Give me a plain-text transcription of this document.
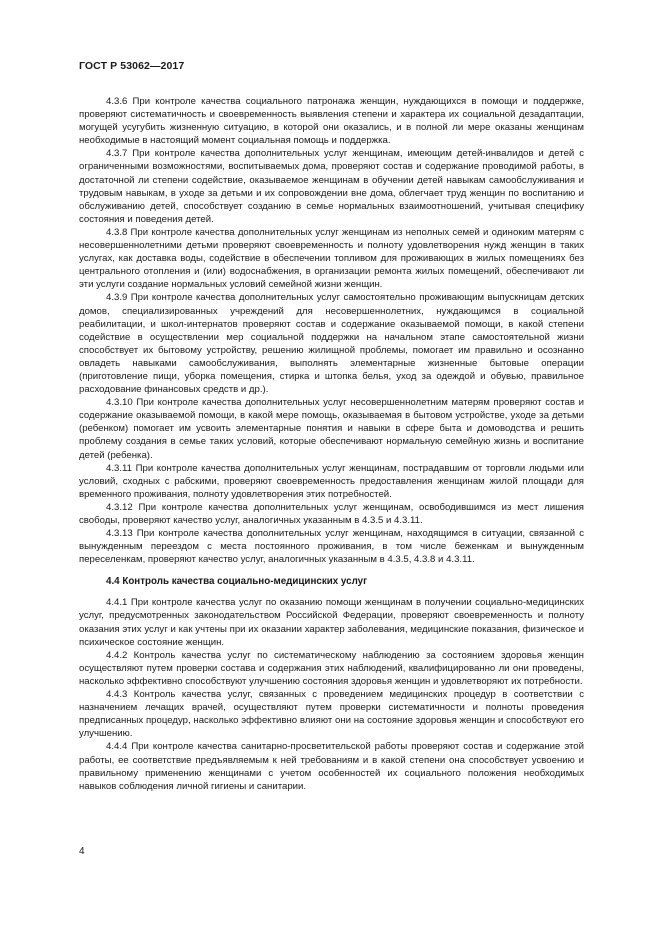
ГОСТ Р 53062—2017

4.3.6 При контроле качества социального патронажа женщин, нуждающихся в помощи и поддержке, проверяют систематичность и своевременность выявления степени и характера их социальной дезадаптации, могущей усугубить жизненную ситуацию, в которой они оказались, и в полной ли мере оказаны женщинам необходимые в настоящий момент социальная помощь и поддержка.

4.3.7 При контроле качества дополнительных услуг женщинам, имеющим детей-инвалидов и детей с ограниченными возможностями, воспитываемых дома, проверяют состав и содержание проводимой работы, в достаточной ли степени содействие, оказываемое женщинам в обучении детей навыкам самообслуживания и трудовым навыкам, в уходе за детьми и их сопровождении вне дома, облегчает труд женщин по воспитанию и обслуживанию детей, способствует созданию в семье нормальных взаимоотношений, учитывая специфику состояния и поведения детей.

4.3.8 При контроле качества дополнительных услуг женщинам из неполных семей и одиноким матерям с несовершеннолетними детьми проверяют своевременность и полноту удовлетворения нужд женщин в таких услугах, как доставка воды, содействие в обеспечении топливом для проживающих в жилых помещениях без центрального отопления и (или) водоснабжения, в организации ремонта жилых помещений, обеспечивают ли эти услуги создание нормальных условий семейной жизни женщин.

4.3.9 При контроле качества дополнительных услуг самостоятельно проживающим выпускницам детских домов, специализированных учреждений для несовершеннолетних, нуждающимся в социальной реабилитации, и школ-интернатов проверяют состав и содержание оказываемой помощи, в какой степени содействие в осуществлении мер социальной поддержки на начальном этапе самостоятельной жизни способствует их бытовому устройству, решению жилищной проблемы, помогает им правильно и осознанно овладеть навыками самообслуживания, выполнять элементарные жизненные бытовые операции (приготовление пищи, уборка помещения, стирка и штопка белья, уход за одеждой и обувью, правильное расходование финансовых средств и др.).

4.3.10 При контроле качества дополнительных услуг несовершеннолетним матерям проверяют состав и содержание оказываемой помощи, в какой мере помощь, оказываемая в бытовом устройстве, уходе за детьми (ребенком) помогает им усвоить элементарные понятия и навыки в сфере быта и домоводства и решить проблему создания в семье таких условий, которые обеспечивают нормальную семейную жизнь и воспитание детей (ребенка).

4.3.11 При контроле качества дополнительных услуг женщинам, пострадавшим от торговли людьми или условий, сходных с рабскими, проверяют своевременность предоставления женщинам жилой площади для временного проживания, полноту удовлетворения этих потребностей.

4.3.12 При контроле качества дополнительных услуг женщинам, освободившимся из мест лишения свободы, проверяют качество услуг, аналогичных указанным в 4.3.5 и 4.3.11.

4.3.13 При контроле качества дополнительных услуг женщинам, находящимся в ситуации, связанной с вынужденным переездом с места постоянного проживания, в том числе беженкам и вынужденным переселенкам, проверяют качество услуг, аналогичных указанным в 4.3.5, 4.3.8 и 4.3.11.

4.4 Контроль качества социально-медицинских услуг

4.4.1 При контроле качества услуг по оказанию помощи женщинам в получении социально-медицинских услуг, предусмотренных законодательством Российской Федерации, проверяют своевременность и полноту оказания этих услуг и как учтены при их оказании характер заболевания, медицинские показания, физическое и психическое состояние женщин.

4.4.2 Контроль качества услуг по систематическому наблюдению за состоянием здоровья женщин осуществляют путем проверки состава и содержания этих наблюдений, квалифицированно ли они проведены, насколько эффективно способствуют улучшению состояния здоровья женщин и удовлетворяют их потребности.

4.4.3 Контроль качества услуг, связанных с проведением медицинских процедур в соответствии с назначением лечащих врачей, осуществляют путем проверки систематичности и полноты проведения предписанных процедур, насколько эффективно влияют они на состояние здоровья женщин и способствуют его улучшению.

4.4.4 При контроле качества санитарно-просветительской работы проверяют состав и содержание этой работы, ее соответствие предъявляемым к ней требованиям и в какой степени она способствует усвоению и правильному применению женщинами с учетом особенностей их социального положения необходимых навыков соблюдения личной гигиены и санитарии.

4
